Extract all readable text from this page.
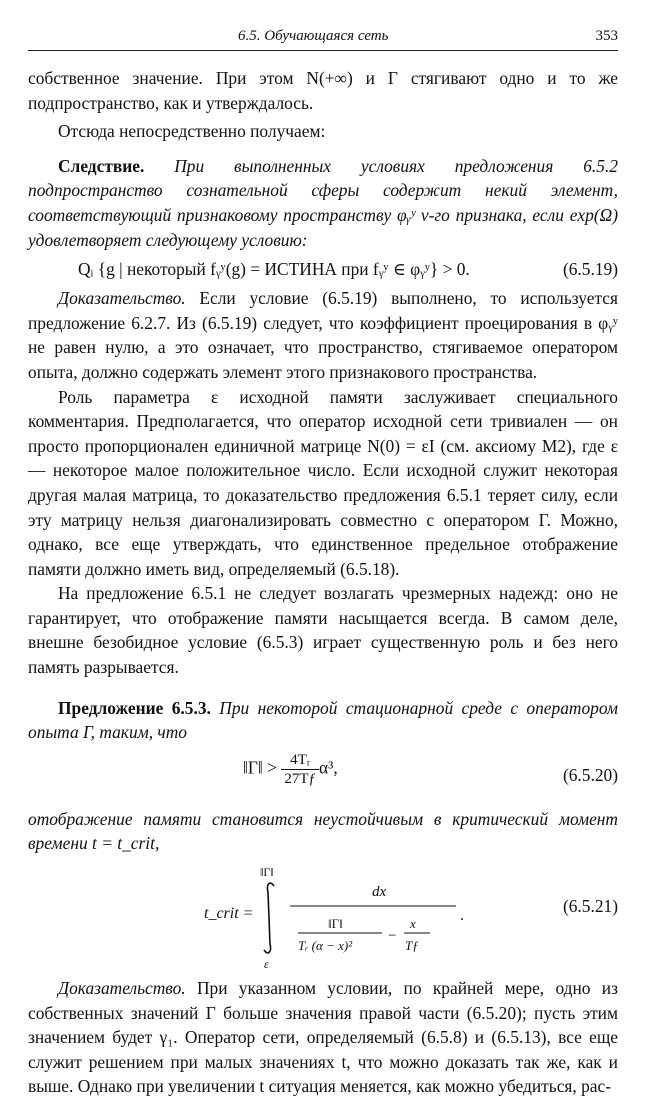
6.5. Обучающаяся сеть	353

собственное значение. При этом N(+∞) и Γ стягивают одно и то же подпространство, как и утверждалось.

Отсюда непосредственно получаем:

Следствие. При выполненных условиях предложения 6.5.2 подпространство сознательной сферы содержит некий элемент, соответствующий признаковому пространству φᵧʸ ν-го признака, если exp(Ω) удовлетворяет следующему условию:

Qᵢ {g | некоторый fᵧʸ(g) = ИСТИНА при fᵧʸ ∈ φᵧʸ} > 0.	(6.5.19)

Доказательство. Если условие (6.5.19) выполнено, то используется предложение 6.2.7. Из (6.5.19) следует, что коэффициент проецирования в φᵧʸ не равен нулю, а это означает, что пространство, стягиваемое оператором опыта, должно содержать элемент этого признакового пространства.

Роль параметра ε исходной памяти заслуживает специального комментария. Предполагается, что оператор исходной сети тривиален — он просто пропорционален единичной матрице N(0) = εI (см. аксиому M2), где ε — некоторое малое положительное число. Если исходной служит некоторая другая малая матрица, то доказательство предложения 6.5.1 теряет силу, если эту матрицу нельзя диагонализировать совместно с оператором Γ. Можно, однако, все еще утверждать, что единственное предельное отображение памяти должно иметь вид, определяемый (6.5.18).

На предложение 6.5.1 не следует возлагать чрезмерных надежд: оно не гарантирует, что отображение памяти насыщается всегда. В самом деле, внешне безобидное условие (6.5.3) играет существенную роль и без него память разрывается.

Предложение 6.5.3. При некоторой стационарной среде с оператором опыта Γ, таким, что

‖Γ‖ > $\frac{\text{4Tᵣ}}{27Tƒ} \alpha^3$,	(6.5.20)

отображение памяти становится неустойчивым в критический момент времени t = t_crit,

t_crit =
‖Γ‖
ε
dx
‖Γ‖
Tᵣ (α − x)²
−
x
Tƒ
.	(6.5.21)

Доказательство. При указанном условии, по крайней мере, одно из собственных значений Γ больше значения правой части (6.5.20); пусть этим значением будет γ₁. Оператор сети, определяемый (6.5.8) и (6.5.13), все еще служит решением при малых значениях t, что можно доказать так же, как и выше. Однако при увеличении t ситуация меняется, как можно убедиться, рас-
